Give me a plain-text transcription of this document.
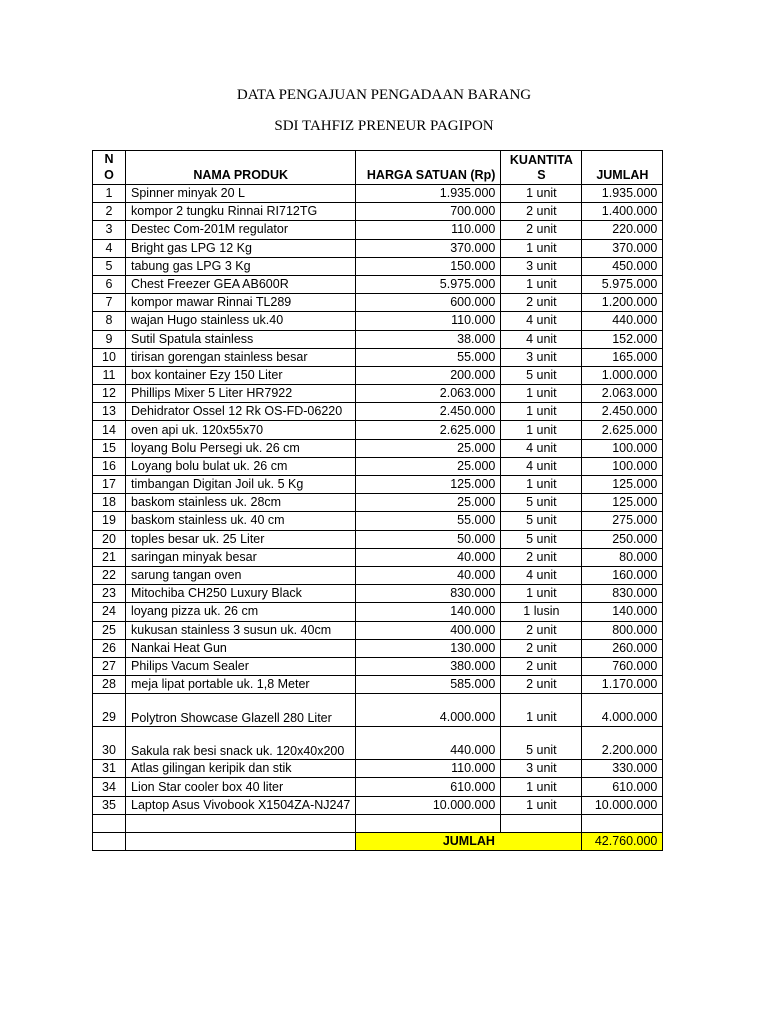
DATA PENGAJUAN PENGADAAN BARANG
SDI TAHFIZ PRENEUR PAGIPON
N O	NAMA PRODUK	HARGA SATUAN (Rp)	KUANTITAS	JUMLAH
1	Spinner minyak 20 L	1.935.000	1 unit	1.935.000
2	kompor 2 tungku Rinnai RI712TG	700.000	2 unit	1.400.000
3	Destec Com-201M regulator	110.000	2 unit	220.000
4	Bright gas LPG 12 Kg	370.000	1 unit	370.000
5	tabung gas LPG 3 Kg	150.000	3 unit	450.000
6	Chest Freezer GEA AB600R	5.975.000	1 unit	5.975.000
7	kompor mawar Rinnai TL289	600.000	2 unit	1.200.000
8	wajan Hugo stainless uk.40	110.000	4 unit	440.000
9	Sutil Spatula stainless	38.000	4 unit	152.000
10	tirisan gorengan stainless besar	55.000	3 unit	165.000
11	box kontainer Ezy 150 Liter	200.000	5 unit	1.000.000
12	Phillips Mixer 5 Liter HR7922	2.063.000	1 unit	2.063.000
13	Dehidrator Ossel 12 Rk OS-FD-06220	2.450.000	1 unit	2.450.000
14	oven api uk. 120x55x70	2.625.000	1 unit	2.625.000
15	loyang Bolu Persegi uk. 26 cm	25.000	4 unit	100.000
16	Loyang bolu bulat uk. 26 cm	25.000	4 unit	100.000
17	timbangan Digitan Joil uk. 5 Kg	125.000	1 unit	125.000
18	baskom stainless uk. 28cm	25.000	5 unit	125.000
19	baskom stainless uk. 40 cm	55.000	5 unit	275.000
20	toples besar uk. 25 Liter	50.000	5 unit	250.000
21	saringan minyak besar	40.000	2 unit	80.000
22	sarung tangan oven	40.000	4 unit	160.000
23	Mitochiba CH250 Luxury Black	830.000	1 unit	830.000
24	loyang pizza uk. 26 cm	140.000	1 lusin	140.000
25	kukusan stainless 3 susun uk. 40cm	400.000	2 unit	800.000
26	Nankai Heat Gun	130.000	2 unit	260.000
27	Philips Vacum Sealer	380.000	2 unit	760.000
28	meja lipat portable uk. 1,8 Meter	585.000	2 unit	1.170.000
29	Polytron Showcase Glazell 280 Liter	4.000.000	1 unit	4.000.000
30	Sakula rak besi snack uk. 120x40x200	440.000	5 unit	2.200.000
31	Atlas gilingan keripik dan stik	110.000	3 unit	330.000
34	Lion Star cooler box 40 liter	610.000	1 unit	610.000
35	Laptop Asus Vivobook X1504ZA-NJ247	10.000.000	1 unit	10.000.000

		JUMLAH		42.760.000
